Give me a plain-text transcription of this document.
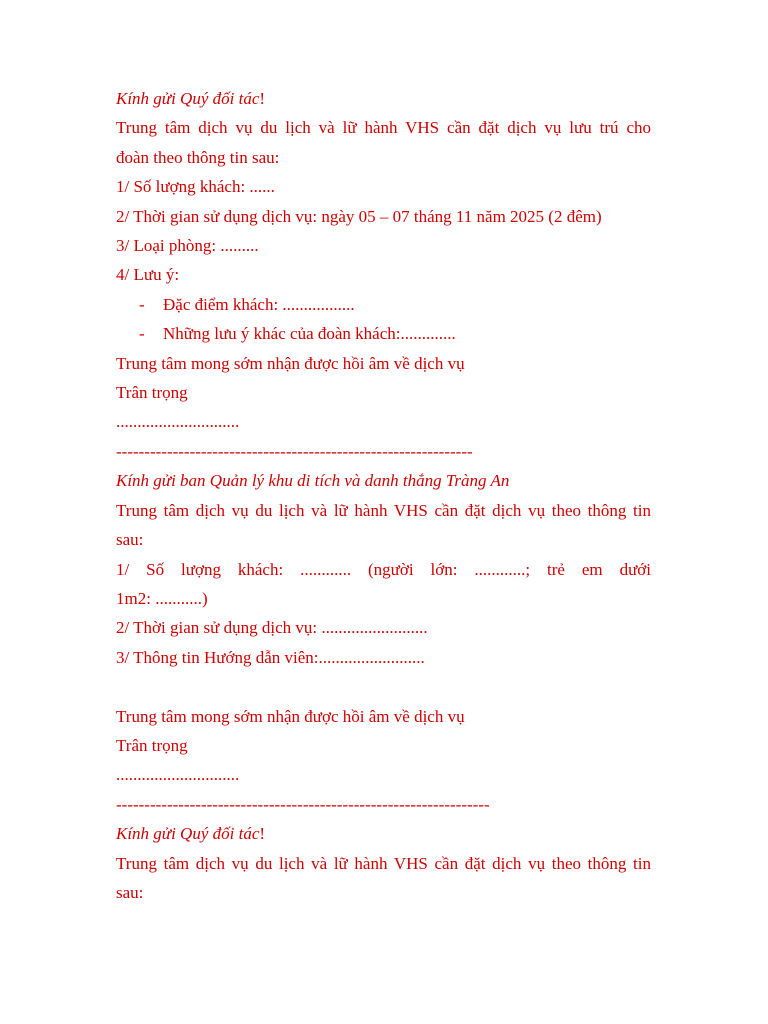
Kính gửi Quý đối tác!
Trung tâm dịch vụ du lịch và lữ hành VHS cần đặt dịch vụ lưu trú cho
đoàn theo thông tin sau:
1/ Số lượng khách: ......
2/ Thời gian sử dụng dịch vụ: ngày 05 – 07 tháng 11 năm 2025 (2 đêm)
3/ Loại phòng: .........
4/ Lưu ý:
- Đặc điểm khách: .................
- Những lưu ý khác của đoàn khách:.............
Trung tâm mong sớm nhận được hồi âm về dịch vụ
Trân trọng
.............................
---------------------------------------------------------------
Kính gửi ban Quản lý khu di tích và danh thắng Tràng An
Trung tâm dịch vụ du lịch và lữ hành VHS cần đặt dịch vụ theo thông tin
sau:
1/ Số lượng khách: ............ (người lớn: ............; trẻ em dưới
1m2: ...........)
2/ Thời gian sử dụng dịch vụ: .........................
3/ Thông tin Hướng dẫn viên:.........................
Trung tâm mong sớm nhận được hồi âm về dịch vụ
Trân trọng
.............................
------------------------------------------------------------------
Kính gửi Quý đối tác!
Trung tâm dịch vụ du lịch và lữ hành VHS cần đặt dịch vụ theo thông tin
sau:
